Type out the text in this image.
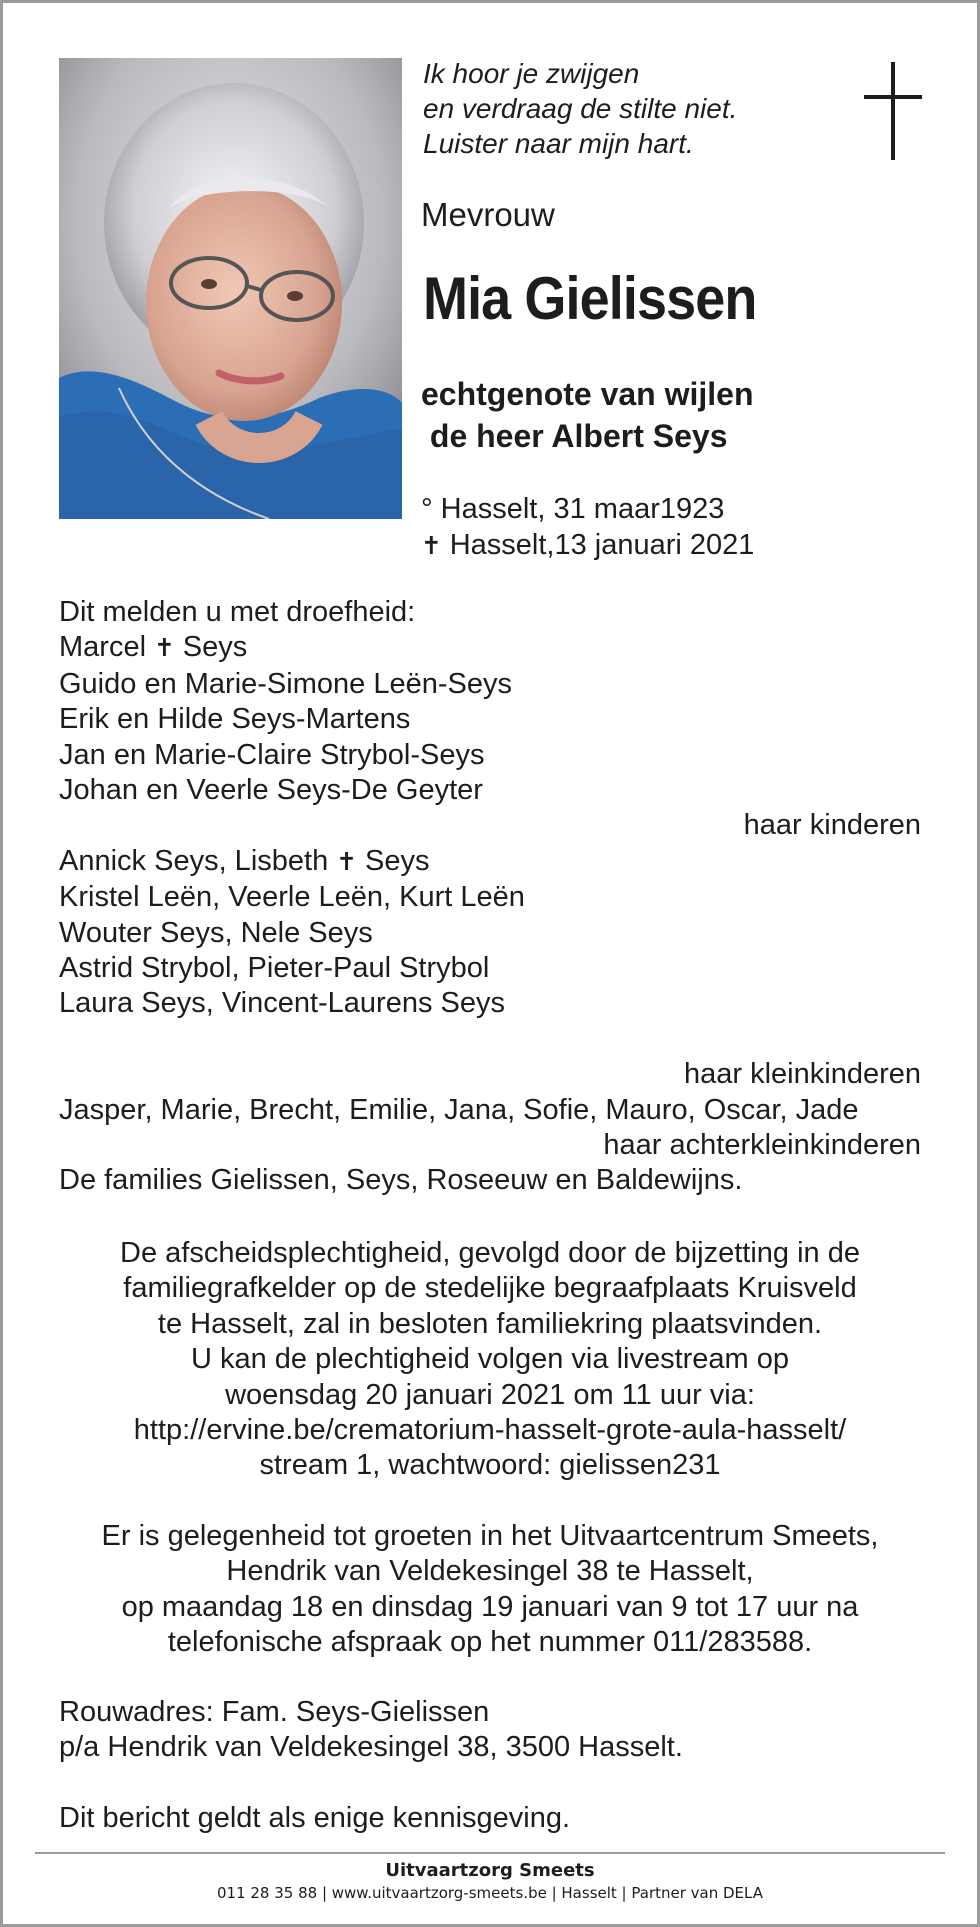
Ik hoor je zwijgen
en verdraag de stilte niet.
Luister naar mijn hart.
Mevrouw
Mia Gielissen
echtgenote van wijlen
de heer Albert Seys
° Hasselt, 31 maar1923
✝ Hasselt,13 januari 2021
Dit melden u met droefheid:
Marcel ✝ Seys
Guido en Marie-Simone Leën-Seys
Erik en Hilde Seys-Martens
Jan en Marie-Claire Strybol-Seys
Johan en Veerle Seys-De Geyter
haar kinderen
Annick Seys, Lisbeth ✝ Seys
Kristel Leën, Veerle Leën, Kurt Leën
Wouter Seys, Nele Seys
Astrid Strybol, Pieter-Paul Strybol
Laura Seys, Vincent-Laurens Seys
haar kleinkinderen
Jasper, Marie, Brecht, Emilie, Jana, Sofie, Mauro, Oscar, Jade
haar achterkleinkinderen
De families Gielissen, Seys, Roseeuw en Baldewijns.
De afscheidsplechtigheid, gevolgd door de bijzetting in de
familiegrafkelder op de stedelijke begraafplaats Kruisveld
te Hasselt, zal in besloten familiekring plaatsvinden.
U kan de plechtigheid volgen via livestream op
woensdag 20 januari 2021 om 11 uur via:
http://ervine.be/crematorium-hasselt-grote-aula-hasselt/
stream 1, wachtwoord: gielissen231
Er is gelegenheid tot groeten in het Uitvaartcentrum Smeets,
Hendrik van Veldekesingel 38 te Hasselt,
op maandag 18 en dinsdag 19 januari van 9 tot 17 uur na
telefonische afspraak op het nummer 011/283588.
Rouwadres: Fam. Seys-Gielissen
p/a Hendrik van Veldekesingel 38, 3500 Hasselt.
Dit bericht geldt als enige kennisgeving.
Uitvaartzorg Smeets
011 28 35 88 | www.uitvaartzorg-smeets.be | Hasselt | Partner van DELA
